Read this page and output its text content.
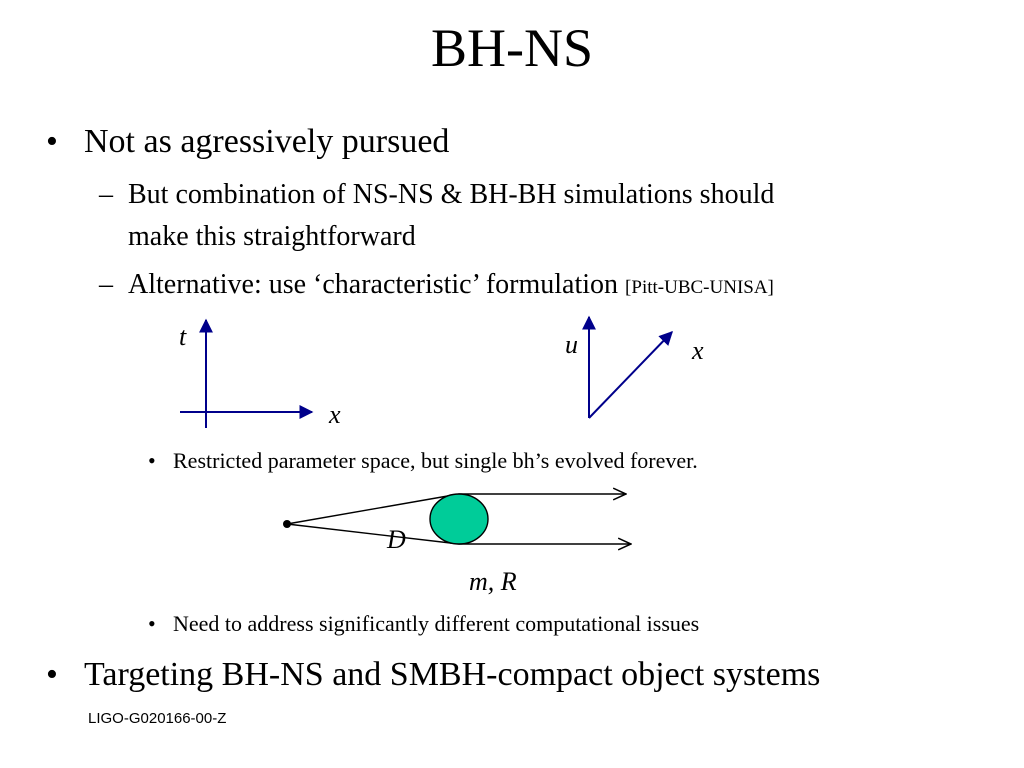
BH-NS
• Not as agressively pursued
– But combination of NS-NS & BH-BH simulations should
make this straightforward
– Alternative: use ‘characteristic’ formulation [Pitt-UBC-UNISA]
t
x
u	x
• Restricted parameter space, but single bh’s evolved forever.
D
m, R
• Need to address significantly different computational issues
• Targeting BH-NS and SMBH-compact object systems
LIGO-G020166-00-Z
